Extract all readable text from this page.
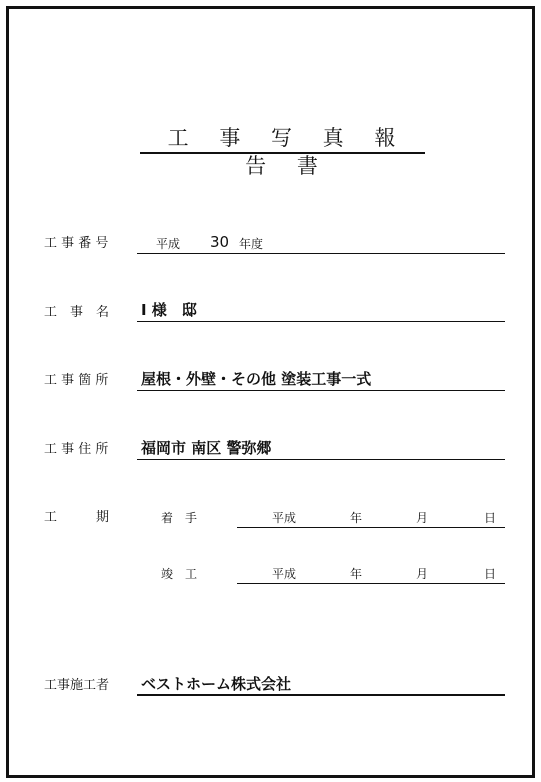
工 事 写 真 報 告 書
工 事 番 号	平成 30 年度
工　事　名 I 様　邸
工 事 箇 所 屋根・外壁・その他 塗装工事一式
工 事 住 所 福岡市 南区 警弥郷
工　　　期	着　手	平成	年	月	日
竣　工	平成	年	月	日
工事施工者 ベストホーム株式会社
